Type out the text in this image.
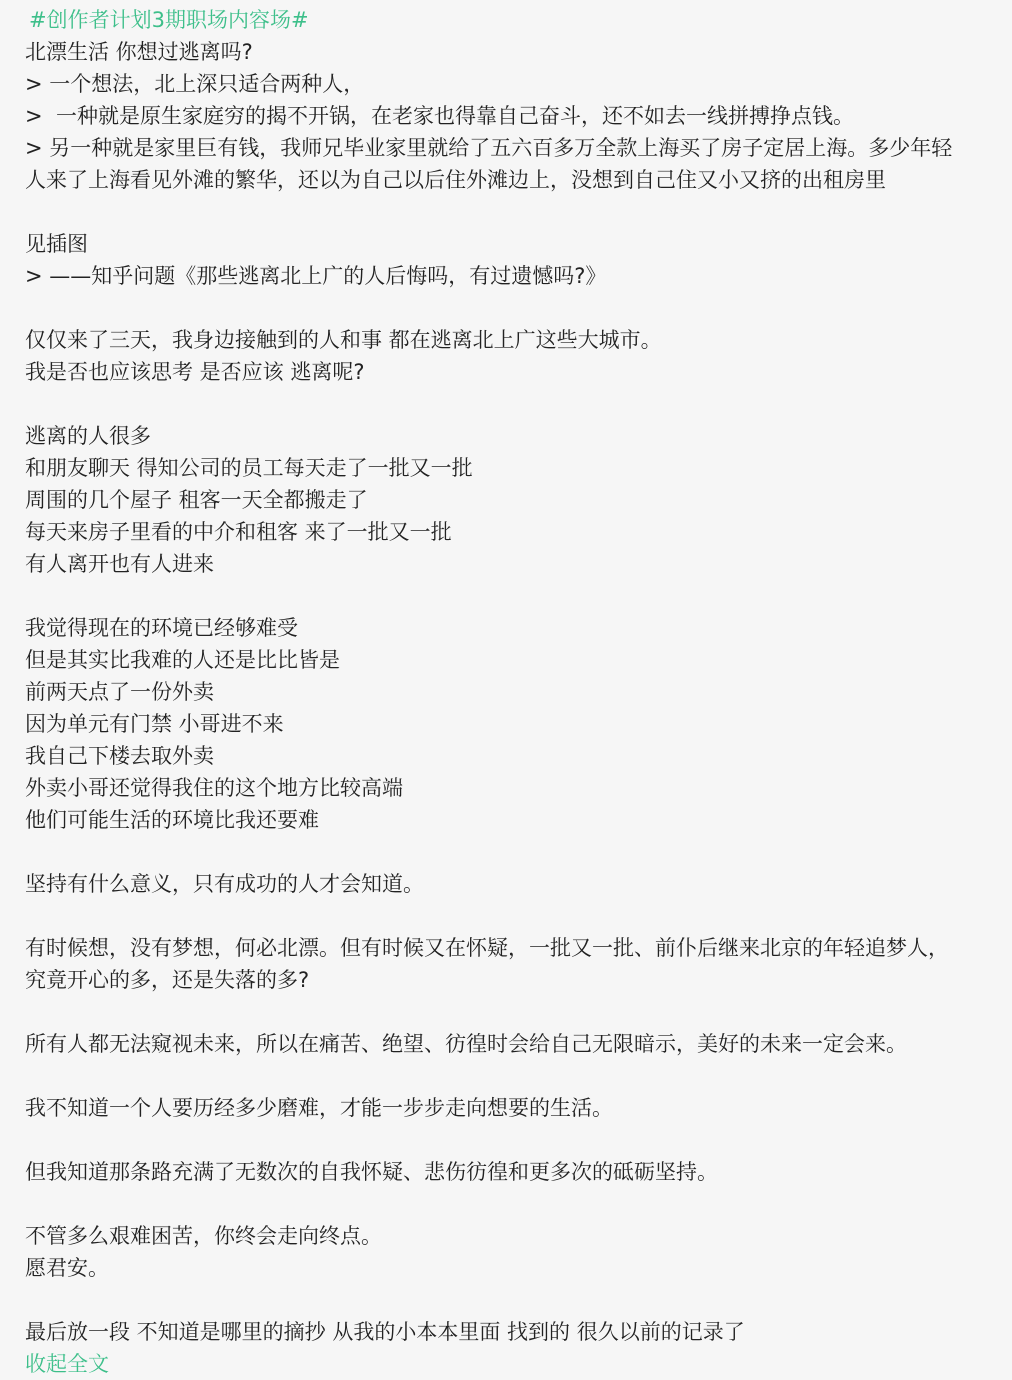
#创作者计划3期职场内容场#
北漂生活 你想过逃离吗?
> 一个想法，北上深只适合两种人，
>  一种就是原生家庭穷的揭不开锅，在老家也得靠自己奋斗，还不如去一线拼搏挣点钱。
> 另一种就是家里巨有钱，我师兄毕业家里就给了五六百多万全款上海买了房子定居上海。多少年轻
人来了上海看见外滩的繁华，还以为自己以后住外滩边上，没想到自己住又小又挤的出租房里
见插图
> ——知乎问题《那些逃离北上广的人后悔吗，有过遗憾吗?》
仅仅来了三天，我身边接触到的人和事 都在逃离北上广这些大城市。
我是否也应该思考 是否应该 逃离呢?
逃离的人很多
和朋友聊天 得知公司的员工每天走了一批又一批
周围的几个屋子 租客一天全都搬走了
每天来房子里看的中介和租客 来了一批又一批
有人离开也有人进来
我觉得现在的环境已经够难受
但是其实比我难的人还是比比皆是
前两天点了一份外卖
因为单元有门禁 小哥进不来
我自己下楼去取外卖
外卖小哥还觉得我住的这个地方比较高端
他们可能生活的环境比我还要难
坚持有什么意义，只有成功的人才会知道。
有时候想，没有梦想，何必北漂。但有时候又在怀疑，一批又一批、前仆后继来北京的年轻追梦人，
究竟开心的多，还是失落的多?
所有人都无法窥视未来，所以在痛苦、绝望、彷徨时会给自己无限暗示，美好的未来一定会来。
我不知道一个人要历经多少磨难，才能一步步走向想要的生活。
但我知道那条路充满了无数次的自我怀疑、悲伤彷徨和更多次的砥砺坚持。
不管多么艰难困苦，你终会走向终点。
愿君安。
最后放一段 不知道是哪里的摘抄 从我的小本本里面 找到的 很久以前的记录了
收起全文
